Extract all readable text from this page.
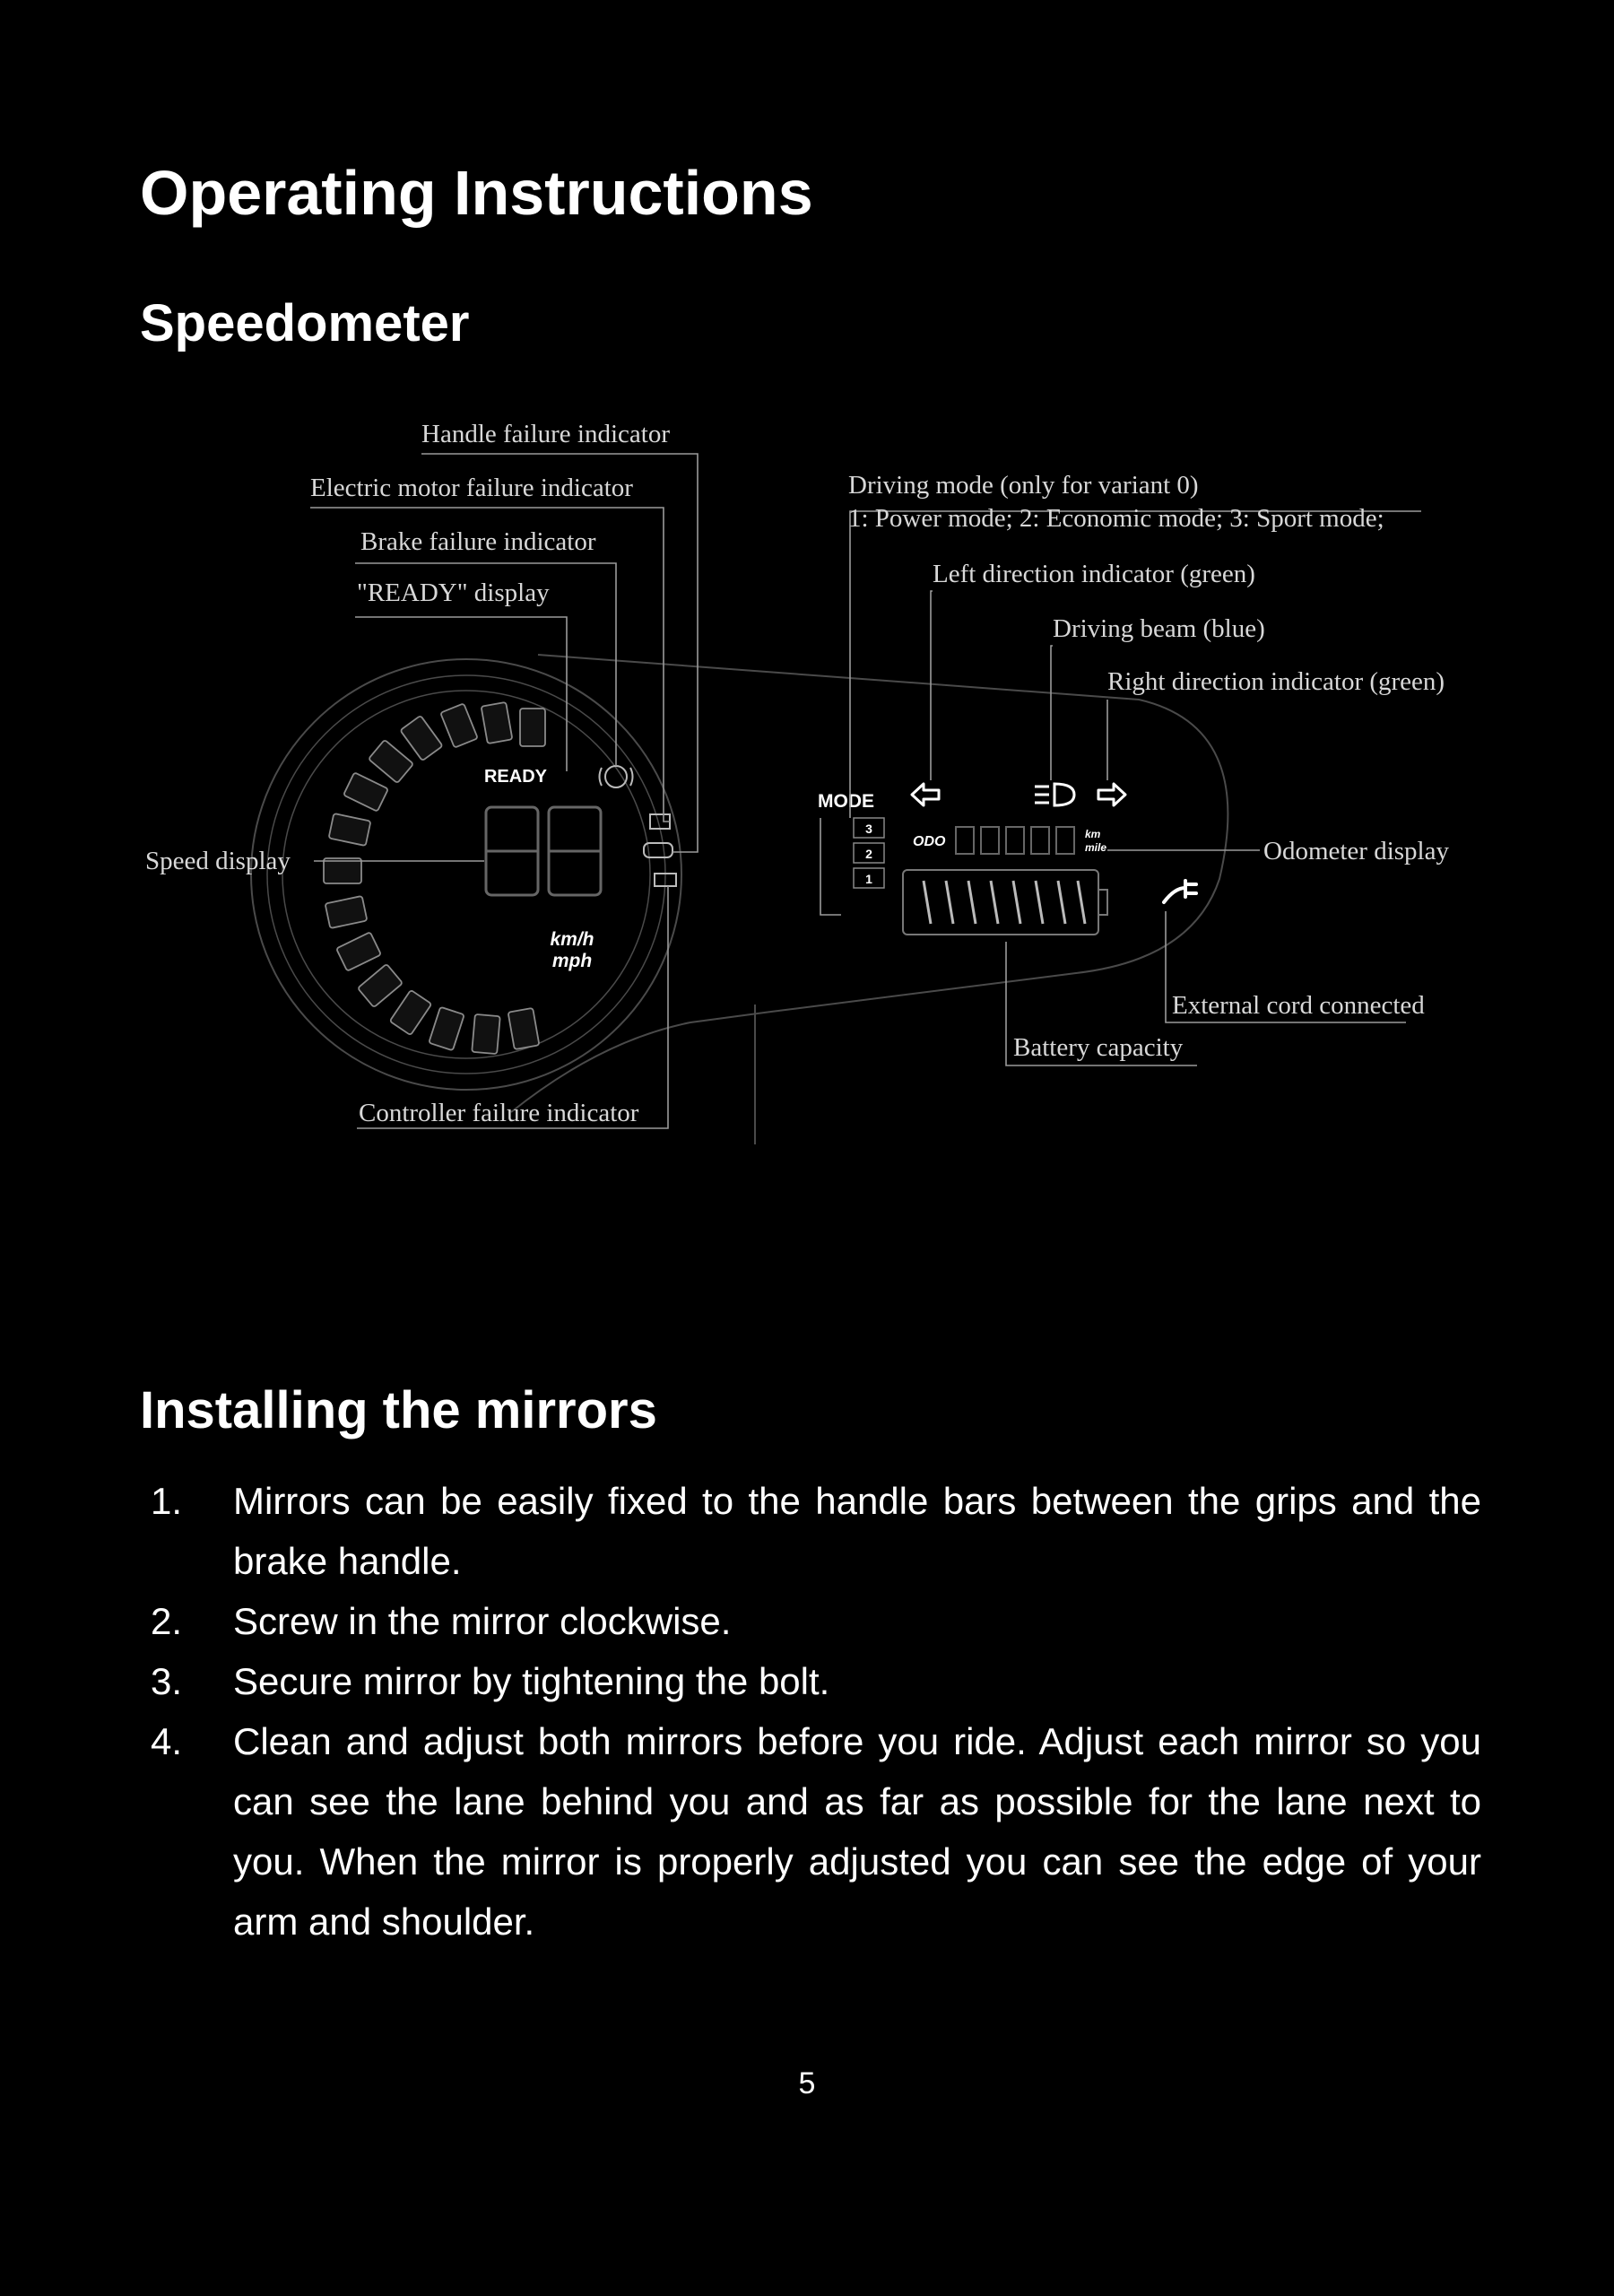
Operating Instructions
Speedometer
READY
km/h
mph
MODE
3
2
1
ODO	km
mile
Handle failure indicator
Electric motor failure indicator
Brake failure indicator
"READY" display
Speed display
Controller failure indicator
Driving mode (only for variant 0)
1: Power mode; 2: Economic mode; 3: Sport mode;
Left direction indicator (green)
Driving beam (blue)
Right direction indicator (green)
Odometer display
External cord connected
Battery capacity
Installing the mirrors
1. Mirrors can be easily fixed to the handle bars between the grips and the brake handle.
2. Screw in the mirror clockwise.
3. Secure mirror by tightening the bolt.
4. Clean and adjust both mirrors before you ride. Adjust each mirror so you can see the lane behind you and as far as possible for the lane next to you. When the mirror is properly adjusted you can see the edge of your arm and shoulder.
5
